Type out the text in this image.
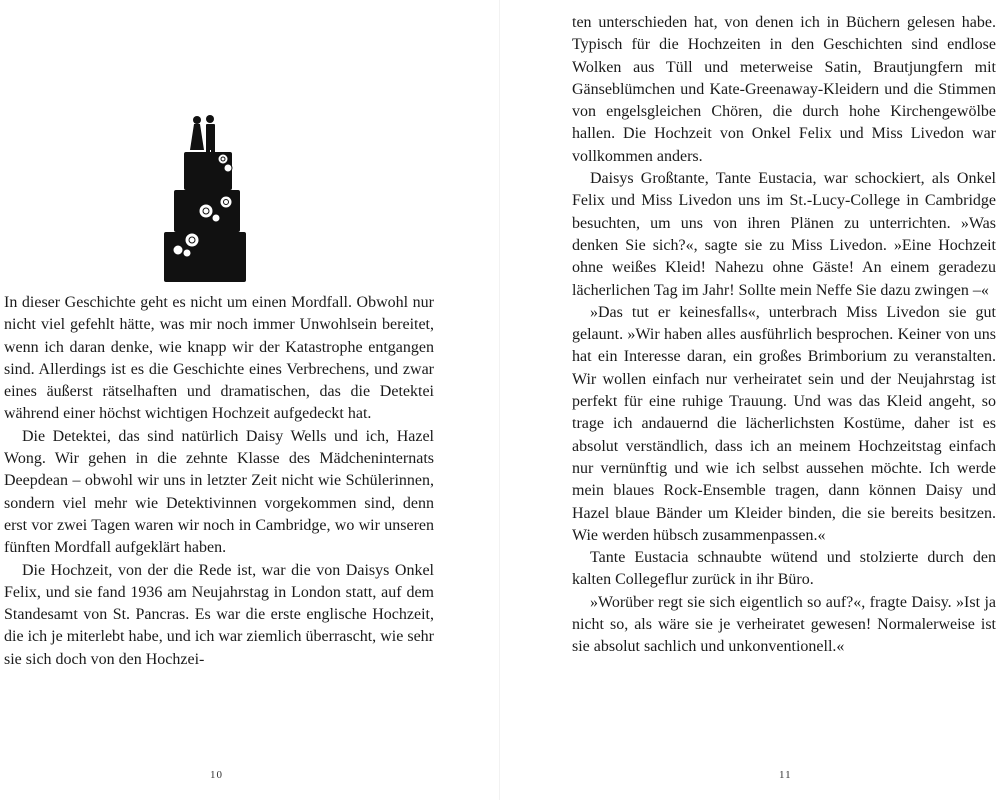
In dieser Geschichte geht es nicht um einen Mordfall. Obwohl nur nicht viel gefehlt hätte, was mir noch immer Unwohlsein bereitet, wenn ich daran denke, wie knapp wir der Katastrophe entgangen sind. Allerdings ist es die Geschichte eines Verbrechens, und zwar eines äußerst rätselhaften und dramatischen, das die Detektei während einer höchst wichtigen Hochzeit aufgedeckt hat.

Die Detektei, das sind natürlich Daisy Wells und ich, Hazel Wong. Wir gehen in die zehnte Klasse des Mädcheninternats Deepdean – obwohl wir uns in letzter Zeit nicht wie Schülerinnen, sondern viel mehr wie Detektivinnen vorgekommen sind, denn erst vor zwei Tagen waren wir noch in Cambridge, wo wir unseren fünften Mordfall aufgeklärt haben.

Die Hochzeit, von der die Rede ist, war die von Daisys Onkel Felix, und sie fand 1936 am Neujahrstag in London statt, auf dem Standesamt von St. Pancras. Es war die erste englische Hochzeit, die ich je miterlebt habe, und ich war ziemlich überrascht, wie sehr sie sich doch von den Hochzei-

10

ten unterschieden hat, von denen ich in Büchern gelesen habe. Typisch für die Hochzeiten in den Geschichten sind endlose Wolken aus Tüll und meterweise Satin, Brautjungfern mit Gänseblümchen und Kate-Greenaway-Kleidern und die Stimmen von engelsgleichen Chören, die durch hohe Kirchengewölbe hallen. Die Hochzeit von Onkel Felix und Miss Livedon war vollkommen anders.

Daisys Großtante, Tante Eustacia, war schockiert, als Onkel Felix und Miss Livedon uns im St.-Lucy-College in Cambridge besuchten, um uns von ihren Plänen zu unterrichten. »Was denken Sie sich?«, sagte sie zu Miss Livedon. »Eine Hochzeit ohne weißes Kleid! Nahezu ohne Gäste! An einem geradezu lächerlichen Tag im Jahr! Sollte mein Neffe Sie dazu zwingen –«

»Das tut er keinesfalls«, unterbrach Miss Livedon sie gut gelaunt. »Wir haben alles ausführlich besprochen. Keiner von uns hat ein Interesse daran, ein großes Brimborium zu veranstalten. Wir wollen einfach nur verheiratet sein und der Neujahrstag ist perfekt für eine ruhige Trauung. Und was das Kleid angeht, so trage ich andauernd die lächerlichsten Kostüme, daher ist es absolut verständlich, dass ich an meinem Hochzeitstag einfach nur vernünftig und wie ich selbst aussehen möchte. Ich werde mein blaues Rock-Ensemble tragen, dann können Daisy und Hazel blaue Bänder um Kleider binden, die sie bereits besitzen. Wie werden hübsch zusammenpassen.«

Tante Eustacia schnaubte wütend und stolzierte durch den kalten Collegeflur zurück in ihr Büro.

»Worüber regt sie sich eigentlich so auf?«, fragte Daisy. »Ist ja nicht so, als wäre sie je verheiratet gewesen! Normalerweise ist sie absolut sachlich und unkonventionell.«

11
